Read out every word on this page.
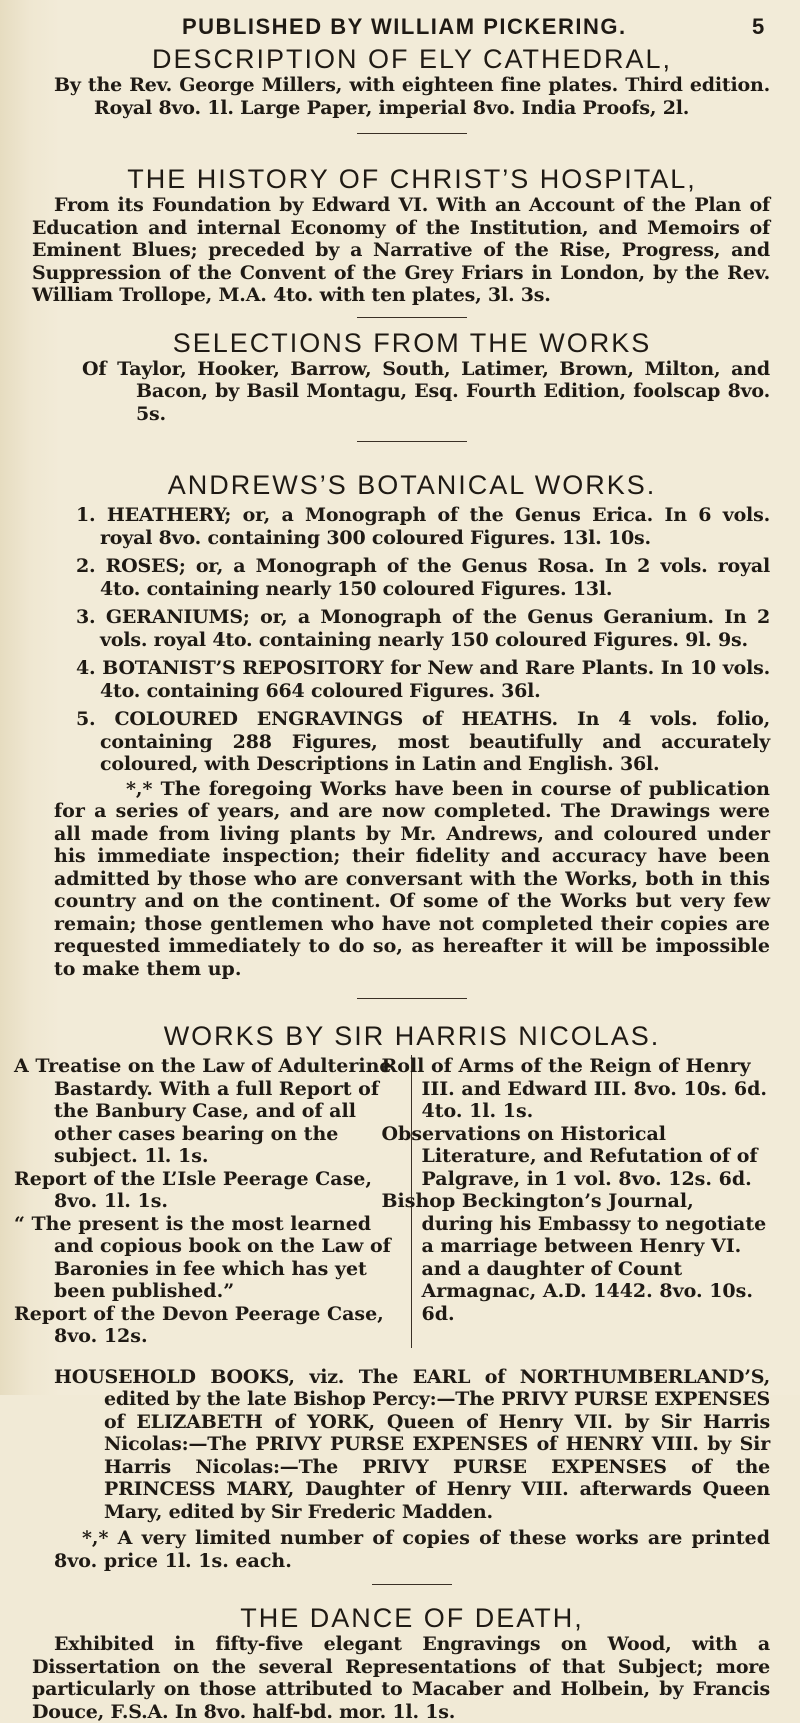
PUBLISHED BY WILLIAM PICKERING.	5
DESCRIPTION OF ELY CATHEDRAL,

By the Rev. George Millers, with eighteen fine plates. Third edition. Royal 8vo. 1l. Large Paper, imperial 8vo. India Proofs, 2l.

THE HISTORY OF CHRIST’S HOSPITAL,

From its Foundation by Edward VI. With an Account of the Plan of Education and internal Economy of the Institution, and Memoirs of Eminent Blues; preceded by a Narrative of the Rise, Progress, and Suppression of the Convent of the Grey Friars in London, by the Rev. William Trollope, M.A. 4to. with ten plates, 3l. 3s.

SELECTIONS FROM THE WORKS

Of Taylor, Hooker, Barrow, South, Latimer, Brown, Milton, and Bacon, by Basil Montagu, Esq. Fourth Edition, foolscap 8vo. 5s.

ANDREWS’S BOTANICAL WORKS.

1. HEATHERY; or, a Monograph of the Genus Erica. In 6 vols. royal 8vo. containing 300 coloured Figures. 13l. 10s.

2. ROSES; or, a Monograph of the Genus Rosa. In 2 vols. royal 4to. containing nearly 150 coloured Figures. 13l.

3. GERANIUMS; or, a Monograph of the Genus Geranium. In 2 vols. royal 4to. containing nearly 150 coloured Figures. 9l. 9s.

4. BOTANIST’S REPOSITORY for New and Rare Plants. In 10 vols. 4to. containing 664 coloured Figures. 36l.

5. COLOURED ENGRAVINGS of HEATHS. In 4 vols. folio, containing 288 Figures, most beautifully and accurately coloured, with Descriptions in Latin and English. 36l.

*,* The foregoing Works have been in course of publication for a series of years, and are now completed. The Drawings were all made from living plants by Mr. Andrews, and coloured under his immediate inspection; their fidelity and accuracy have been admitted by those who are conversant with the Works, both in this country and on the continent. Of some of the Works but very few remain; those gentlemen who have not completed their copies are requested immediately to do so, as hereafter it will be impossible to make them up.

WORKS BY SIR HARRIS NICOLAS.

A Treatise on the Law of Adulterine Bastardy. With a full Report of the Banbury Case, and of all other cases bearing on the subject. 1l. 1s.

Report of the L’Isle Peerage Case, 8vo. 1l. 1s.

“ The present is the most learned and copious book on the Law of Baronies in fee which has yet been published.”

Report of the Devon Peerage Case, 8vo. 12s.

Roll of Arms of the Reign of Henry III. and Edward III. 8vo. 10s. 6d. 4to. 1l. 1s.

Observations on Historical Literature, and Refutation of of Palgrave, in 1 vol. 8vo. 12s. 6d.

Bishop Beckington’s Journal, during his Embassy to negotiate a marriage between Henry VI. and a daughter of Count Armagnac, A.D. 1442. 8vo. 10s. 6d.

HOUSEHOLD BOOKS, viz. The EARL of NORTHUMBERLAND’S, edited by the late Bishop Percy:—The PRIVY PURSE EXPENSES of ELIZABETH of YORK, Queen of Henry VII. by Sir Harris Nicolas:—The PRIVY PURSE EXPENSES of HENRY VIII. by Sir Harris Nicolas:—The PRIVY PURSE EXPENSES of the PRINCESS MARY, Daughter of Henry VIII. afterwards Queen Mary, edited by Sir Frederic Madden.

*,* A very limited number of copies of these works are printed 8vo. price 1l. 1s. each.

THE DANCE OF DEATH,

Exhibited in fifty-five elegant Engravings on Wood, with a Dissertation on the several Representations of that Subject; more particularly on those attributed to Macaber and Holbein, by Francis Douce, F.S.A. In 8vo. half-bd. mor. 1l. 1s.
